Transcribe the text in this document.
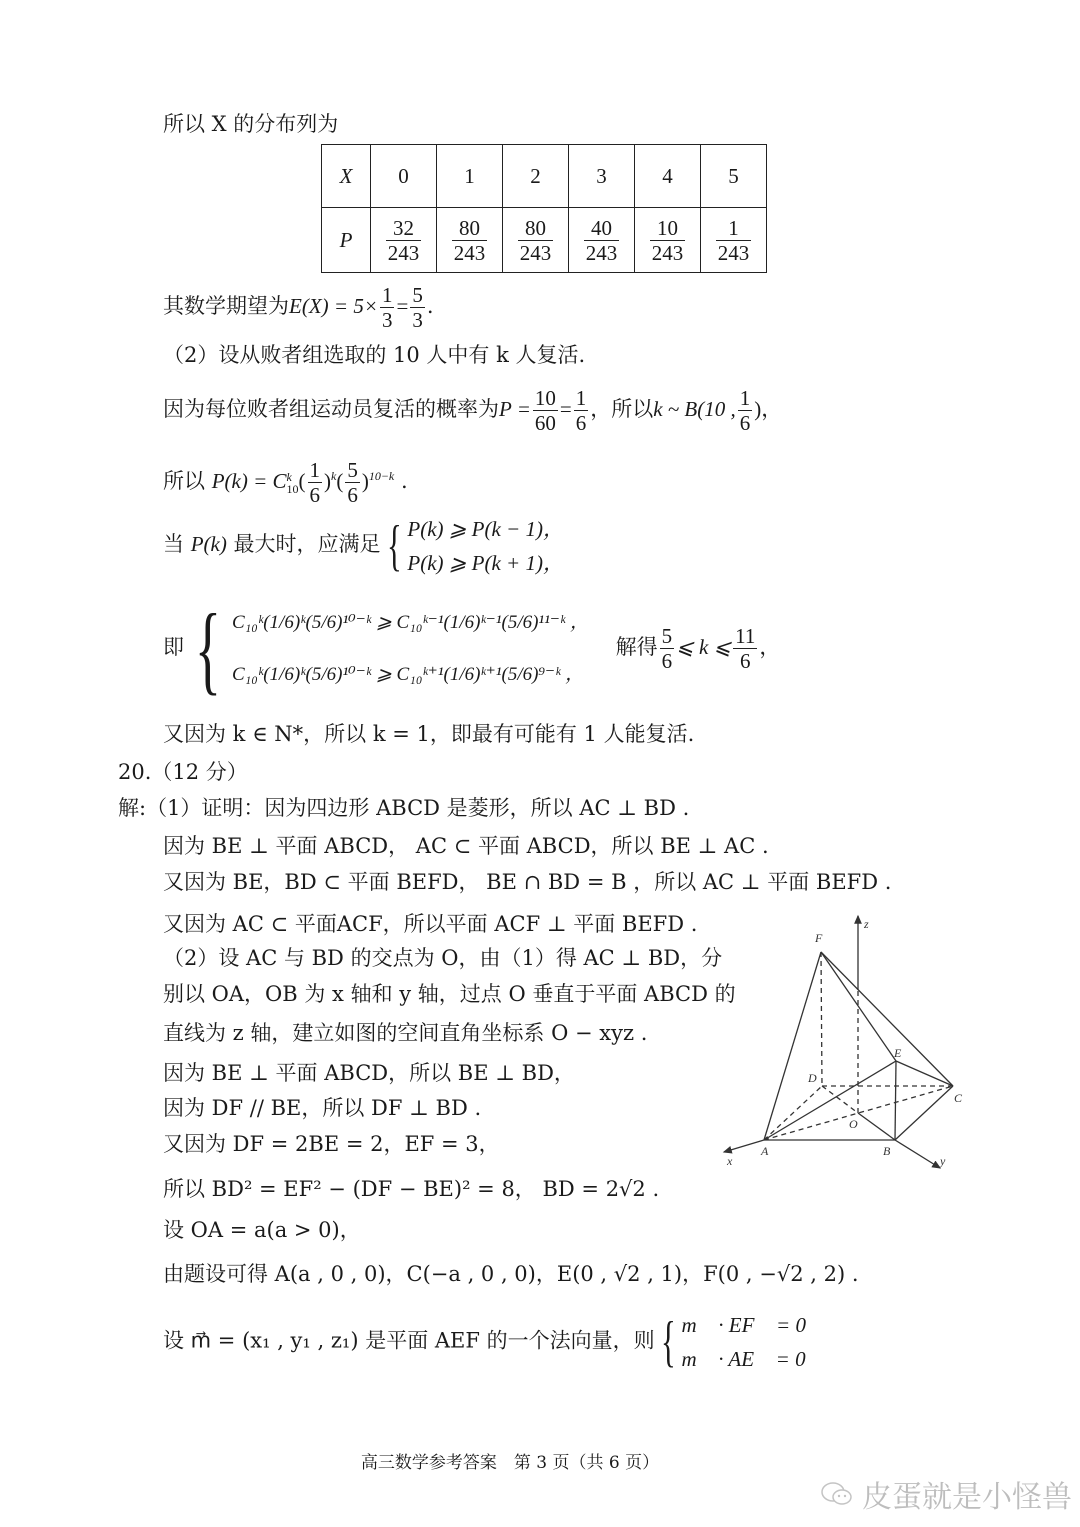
所以 X 的分布列为
X	0	1	2	3	4	5
P	$\frac{32}{243}$	$\frac{80}{243}$	$\frac{80}{243}$	$\frac{40}{243}$	$\frac{10}{243}$	$\frac{1}{243}$
其数学期望为$E(X) = 5\times \frac{1}{3} = \frac{5}{3}$ .
（2）设从败者组选取的 10 人中有 k 人复活.
因为每位败者组运动员复活的概率为$P = \frac{10}{60} = \frac{1}{6}$ ，所以k ~ B(10 , $\frac{1}{6}$ )，
所以 P(k) = C k
10 ( $\frac{1}{6} )^k( \frac{5}{6} )^{10-k}$ .
当 P(k) 最大时，应满足 { P(k) ⩾ P(k − 1)，
P(k) ⩾ P(k + 1)，
即 { C₁₀ᵏ(1/6)ᵏ(5/6)¹⁰⁻ᵏ ⩾ C₁₀ᵏ⁻¹(1/6)ᵏ⁻¹(5/6)¹¹⁻ᵏ ，
C₁₀ᵏ(1/6)ᵏ(5/6)¹⁰⁻ᵏ ⩾ C₁₀ᵏ⁺¹(1/6)ᵏ⁺¹(5/6)⁹⁻ᵏ ，
解得 $\frac{5}{6}$ ⩽ k ⩽ $\frac{11}{6}$ ，
又因为 k ∈ N*，所以 k = 1，即最有可能有 1 人能复活.
20.（12 分）
解:（1）证明：因为四边形 ABCD 是菱形，所以 AC ⊥ BD .
因为 BE ⊥ 平面 ABCD， AC ⊂ 平面 ABCD，所以 BE ⊥ AC .
又因为 BE，BD ⊂ 平面 BEFD， BE ∩ BD = B ，所以 AC ⊥ 平面 BEFD .
又因为 AC ⊂ 平面ACF，所以平面 ACF ⊥ 平面 BEFD .
（2）设 AC 与 BD 的交点为 O，由（1）得 AC ⊥ BD，分
别以 OA，OB 为 x 轴和 y 轴，过点 O 垂直于平面 ABCD 的
直线为 z 轴，建立如图的空间直角坐标系 O − xyz .
因为 BE ⊥ 平面 ABCD，所以 BE ⊥ BD，
因为 DF // BE，所以 DF ⊥ BD .
又因为 DF = 2BE = 2，EF = 3，
所以 BD² = EF² − (DF − BE)² = 8， BD = 2√2 .
设 OA = a(a > 0)，
由题设可得 A(a , 0 , 0)，C(−a , 0 , 0)，E(0 , √2 , 1)，F(0 , −√2 , 2) .
设 m⃗ = (x₁ , y₁ , z₁) 是平面 AEF 的一个法向量，则 { m⃗ · EF⃗ = 0，
m⃗ · AE⃗ = 0，
F
E
D
C
O
A	B
x	y
z
高三数学参考答案　第 3 页（共 6 页）
皮蛋就是小怪兽
